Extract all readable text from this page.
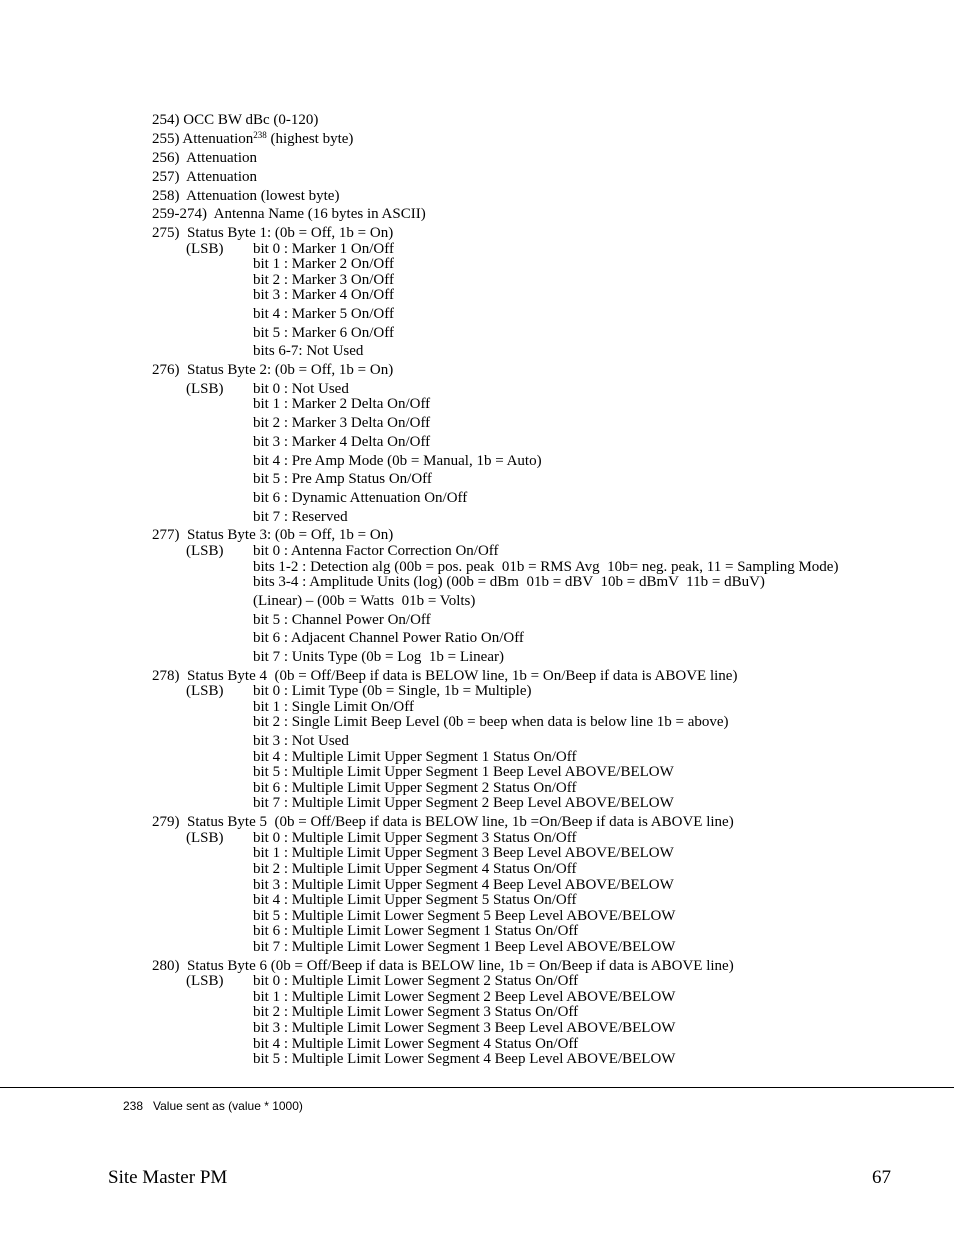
254) OCC BW dBc (0-120)
255) Attenuation$^{238}$ (highest byte)
256)  Attenuation
257)  Attenuation
258)  Attenuation (lowest byte)
259-274)  Antenna Name (16 bytes in ASCII)
275)  Status Byte 1: (0b = Off, 1b = On)
(LSB) bit 0 : Marker 1 On/Off
bit 1 : Marker 2 On/Off
bit 2 : Marker 3 On/Off
bit 3 : Marker 4 On/Off
bit 4 : Marker 5 On/Off
bit 5 : Marker 6 On/Off
bits 6-7: Not Used
276)  Status Byte 2: (0b = Off, 1b = On)
(LSB) bit 0 : Not Used
bit 1 : Marker 2 Delta On/Off
bit 2 : Marker 3 Delta On/Off
bit 3 : Marker 4 Delta On/Off
bit 4 : Pre Amp Mode (0b = Manual, 1b = Auto)
bit 5 : Pre Amp Status On/Off
bit 6 : Dynamic Attenuation On/Off
bit 7 : Reserved
277)  Status Byte 3: (0b = Off, 1b = On)
(LSB) bit 0 : Antenna Factor Correction On/Off
bits 1-2 : Detection alg (00b = pos. peak  01b = RMS Avg  10b= neg. peak, 11 = Sampling Mode)
bits 3-4 : Amplitude Units (log) (00b = dBm  01b = dBV  10b = dBmV  11b = dBuV)
(Linear) – (00b = Watts  01b = Volts)
bit 5 : Channel Power On/Off
bit 6 : Adjacent Channel Power Ratio On/Off
bit 7 : Units Type (0b = Log  1b = Linear)
278)  Status Byte 4  (0b = Off/Beep if data is BELOW line, 1b = On/Beep if data is ABOVE line)
(LSB) bit 0 : Limit Type (0b = Single, 1b = Multiple)
bit 1 : Single Limit On/Off
bit 2 : Single Limit Beep Level (0b = beep when data is below line 1b = above)
bit 3 : Not Used
bit 4 : Multiple Limit Upper Segment 1 Status On/Off
bit 5 : Multiple Limit Upper Segment 1 Beep Level ABOVE/BELOW
bit 6 : Multiple Limit Upper Segment 2 Status On/Off
bit 7 : Multiple Limit Upper Segment 2 Beep Level ABOVE/BELOW
279)  Status Byte 5  (0b = Off/Beep if data is BELOW line, 1b =On/Beep if data is ABOVE line)
(LSB) bit 0 : Multiple Limit Upper Segment 3 Status On/Off
bit 1 : Multiple Limit Upper Segment 3 Beep Level ABOVE/BELOW
bit 2 : Multiple Limit Upper Segment 4 Status On/Off
bit 3 : Multiple Limit Upper Segment 4 Beep Level ABOVE/BELOW
bit 4 : Multiple Limit Upper Segment 5 Status On/Off
bit 5 : Multiple Limit Lower Segment 5 Beep Level ABOVE/BELOW
bit 6 : Multiple Limit Lower Segment 1 Status On/Off
bit 7 : Multiple Limit Lower Segment 1 Beep Level ABOVE/BELOW
280)  Status Byte 6 (0b = Off/Beep if data is BELOW line, 1b = On/Beep if data is ABOVE line)
(LSB) bit 0 : Multiple Limit Lower Segment 2 Status On/Off
bit 1 : Multiple Limit Lower Segment 2 Beep Level ABOVE/BELOW
bit 2 : Multiple Limit Lower Segment 3 Status On/Off
bit 3 : Multiple Limit Lower Segment 3 Beep Level ABOVE/BELOW
bit 4 : Multiple Limit Lower Segment 4 Status On/Off
bit 5 : Multiple Limit Lower Segment 4 Beep Level ABOVE/BELOW
238   Value sent as (value * 1000)
Site Master PM	67
